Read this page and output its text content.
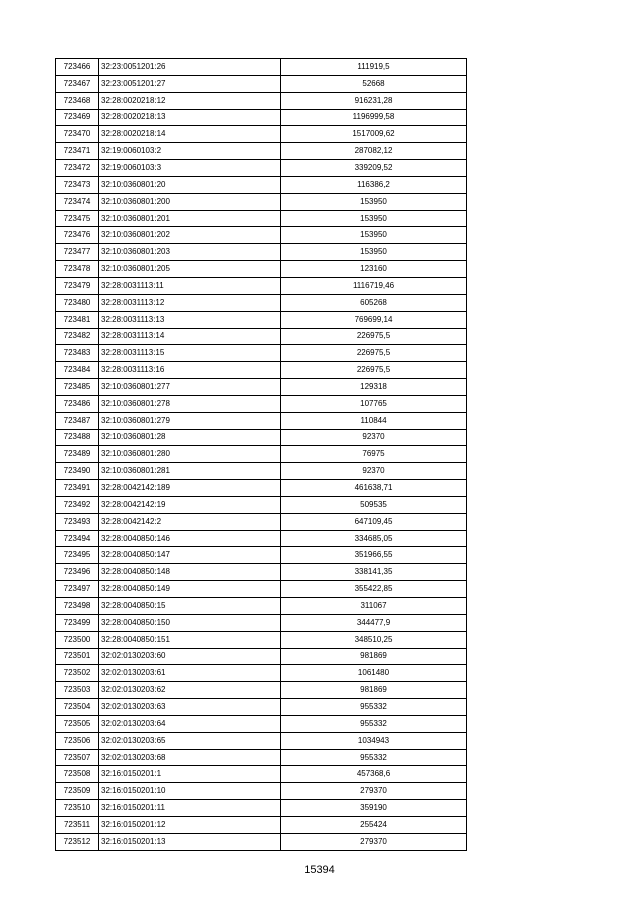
723466	32:23:0051201:26	111919,5
723467	32:23:0051201:27	52668
723468	32:28:0020218:12	916231,28
723469	32:28:0020218:13	1196999,58
723470	32:28:0020218:14	1517009,62
723471	32:19:0060103:2	287082,12
723472	32:19:0060103:3	339209,52
723473	32:10:0360801:20	116386,2
723474	32:10:0360801:200	153950
723475	32:10:0360801:201	153950
723476	32:10:0360801:202	153950
723477	32:10:0360801:203	153950
723478	32:10:0360801:205	123160
723479	32:28:0031113:11	1116719,46
723480	32:28:0031113:12	605268
723481	32:28:0031113:13	769699,14
723482	32:28:0031113:14	226975,5
723483	32:28:0031113:15	226975,5
723484	32:28:0031113:16	226975,5
723485	32:10:0360801:277	129318
723486	32:10:0360801:278	107765
723487	32:10:0360801:279	110844
723488	32:10:0360801:28	92370
723489	32:10:0360801:280	76975
723490	32:10:0360801:281	92370
723491	32:28:0042142:189	461638,71
723492	32:28:0042142:19	509535
723493	32:28:0042142:2	647109,45
723494	32:28:0040850:146	334685,05
723495	32:28:0040850:147	351966,55
723496	32:28:0040850:148	338141,35
723497	32:28:0040850:149	355422,85
723498	32:28:0040850:15	311067
723499	32:28:0040850:150	344477,9
723500	32:28:0040850:151	348510,25
723501	32:02:0130203:60	981869
723502	32:02:0130203:61	1061480
723503	32:02:0130203:62	981869
723504	32:02:0130203:63	955332
723505	32:02:0130203:64	955332
723506	32:02:0130203:65	1034943
723507	32:02:0130203:68	955332
723508	32:16:0150201:1	457368,6
723509	32:16:0150201:10	279370
723510	32:16:0150201:11	359190
723511	32:16:0150201:12	255424
723512	32:16:0150201:13	279370
15394
